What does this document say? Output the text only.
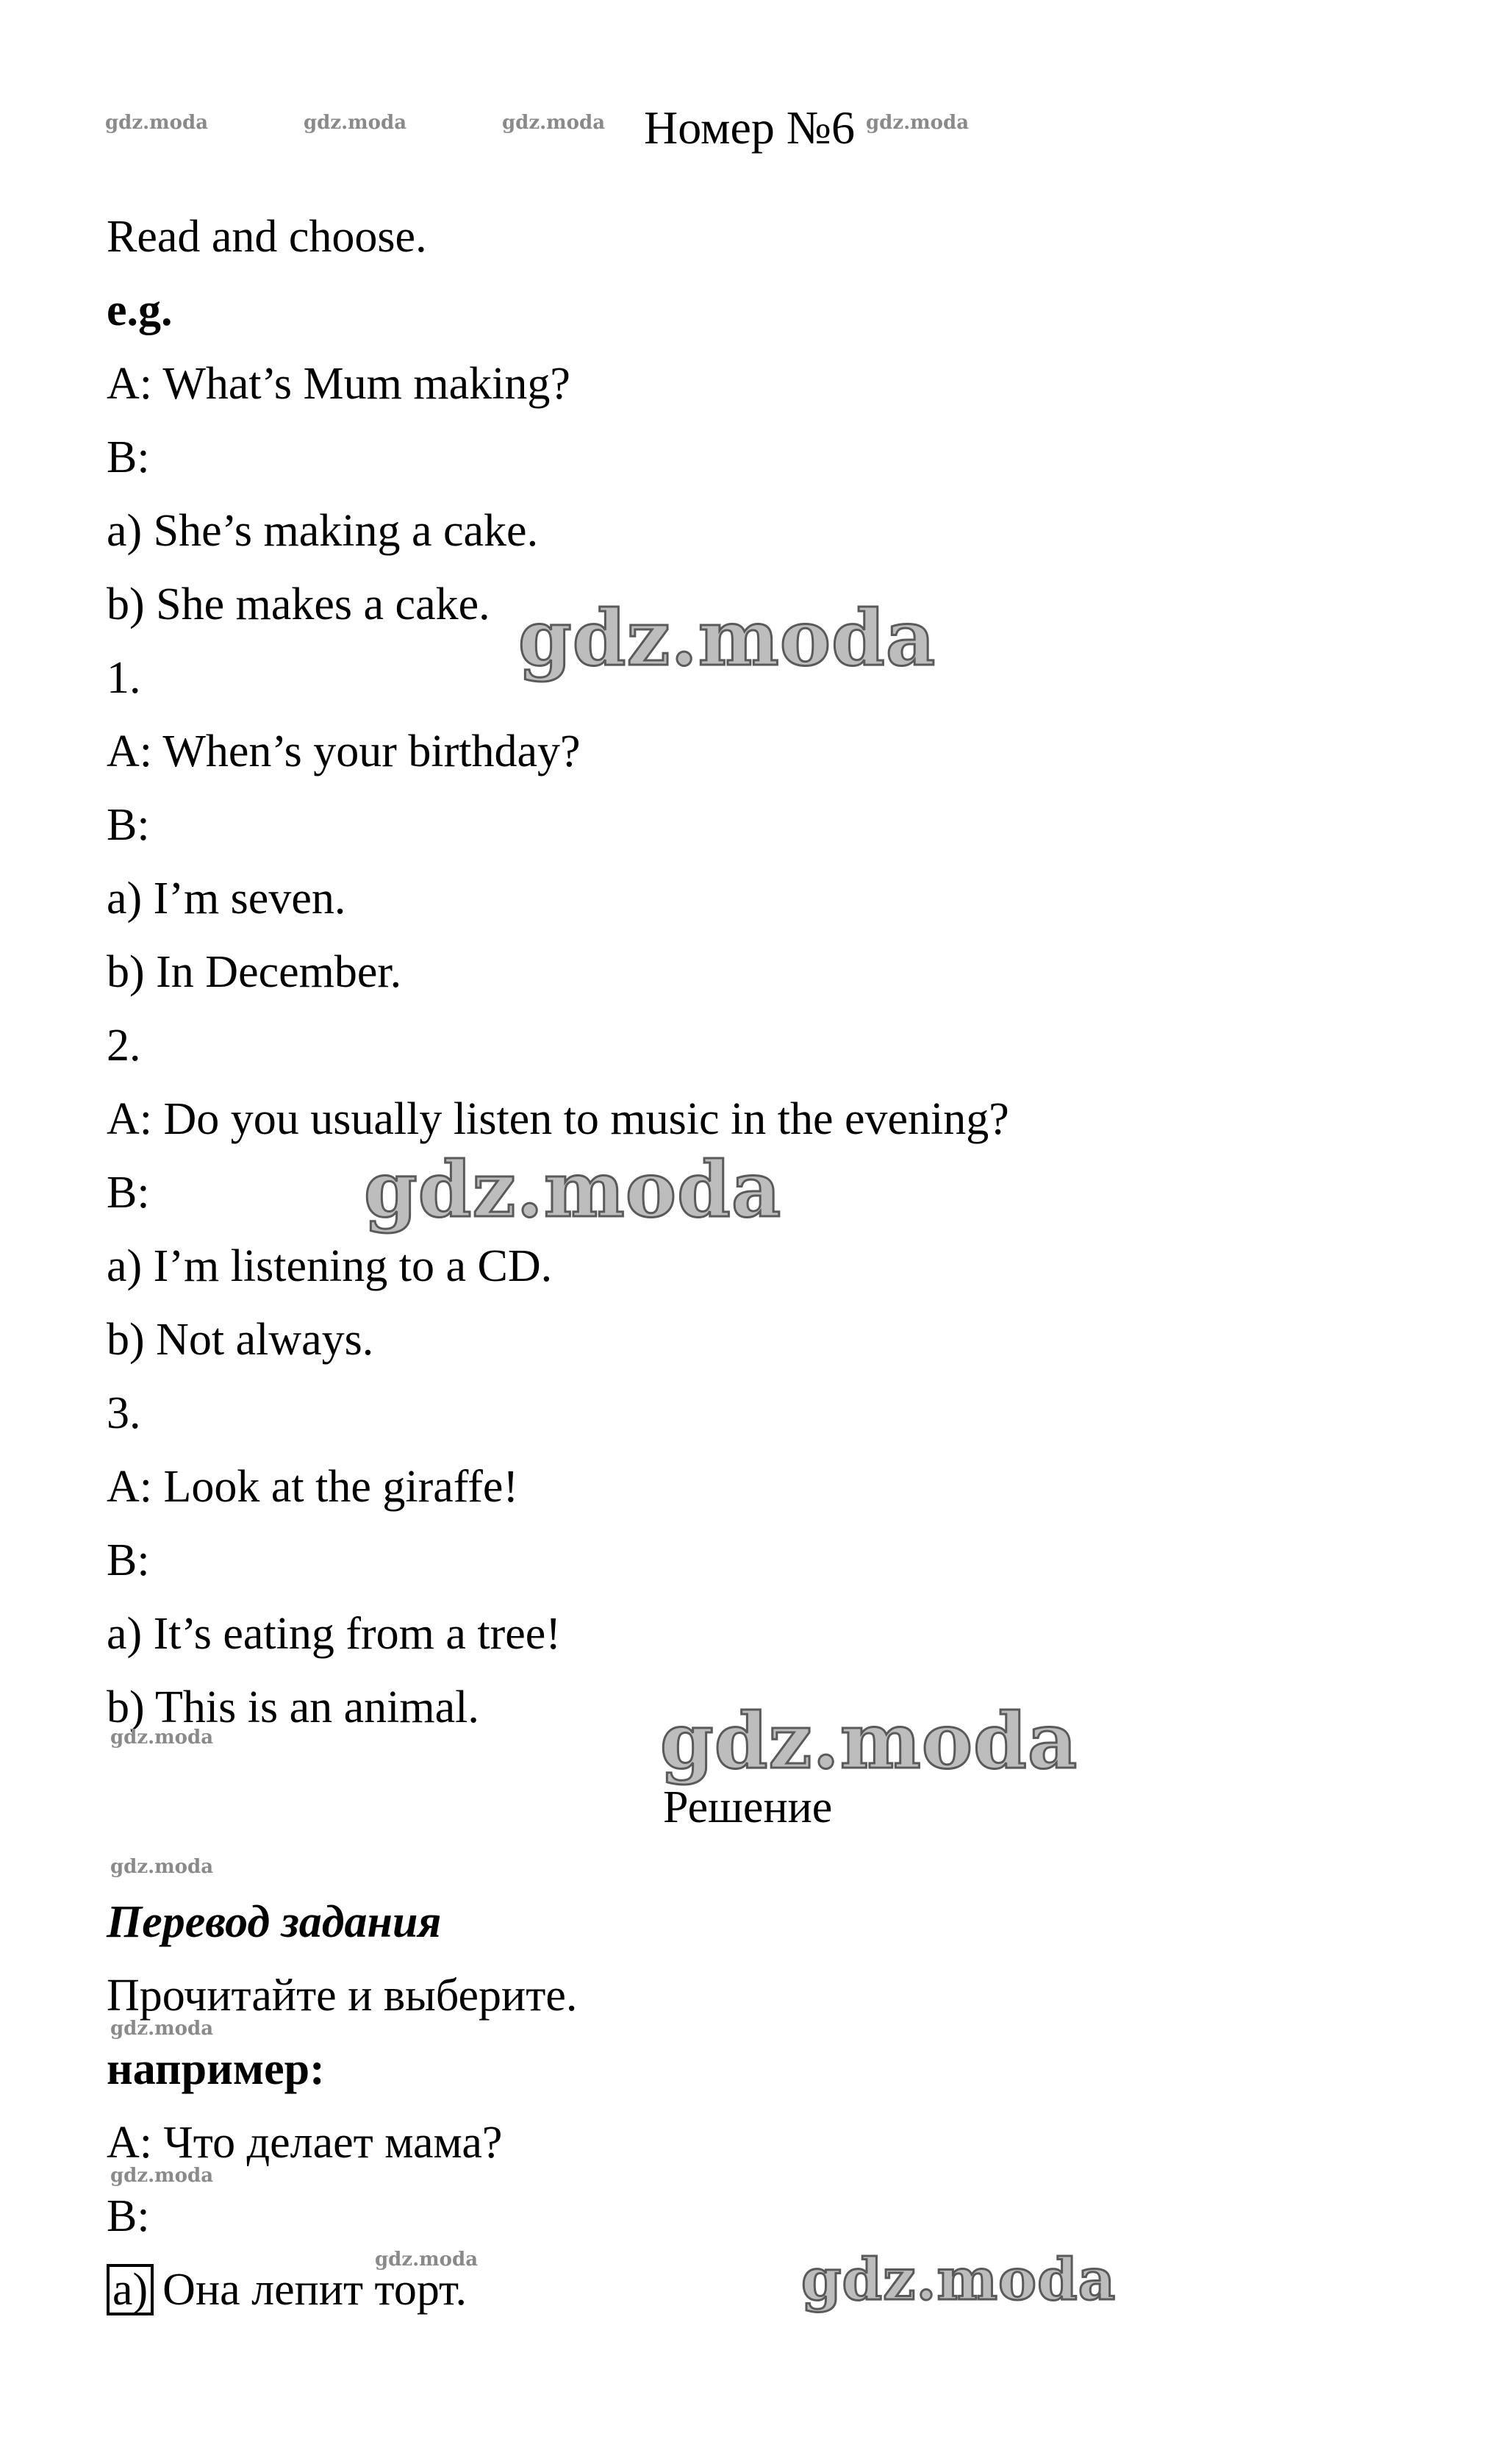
gdz.moda	gdz.moda	gdz.moda	gdz.moda
Номер №6
Read and choose.
e.g.
A: What’s Mum making?
B:
a) She’s making a cake.
b) She makes a cake.
1.
A: When’s your birthday?
B:
a) I’m seven.
b) In December.
2.
A: Do you usually listen to music in the evening?
B:
a) I’m listening to a CD.
b) Not always.
3.
A: Look at the giraffe!
B:
a) It’s eating from a tree!
b) This is an animal.
gdz.moda
gdz.moda
gdz.moda
gdz.moda
gdz.moda
gdz.moda
gdz.moda
gdz.moda
gdz.moda
Решение
Перевод задания
Прочитайте и выберите.
например:
А: Что делает мама?
В:
а) Она лепит торт.
